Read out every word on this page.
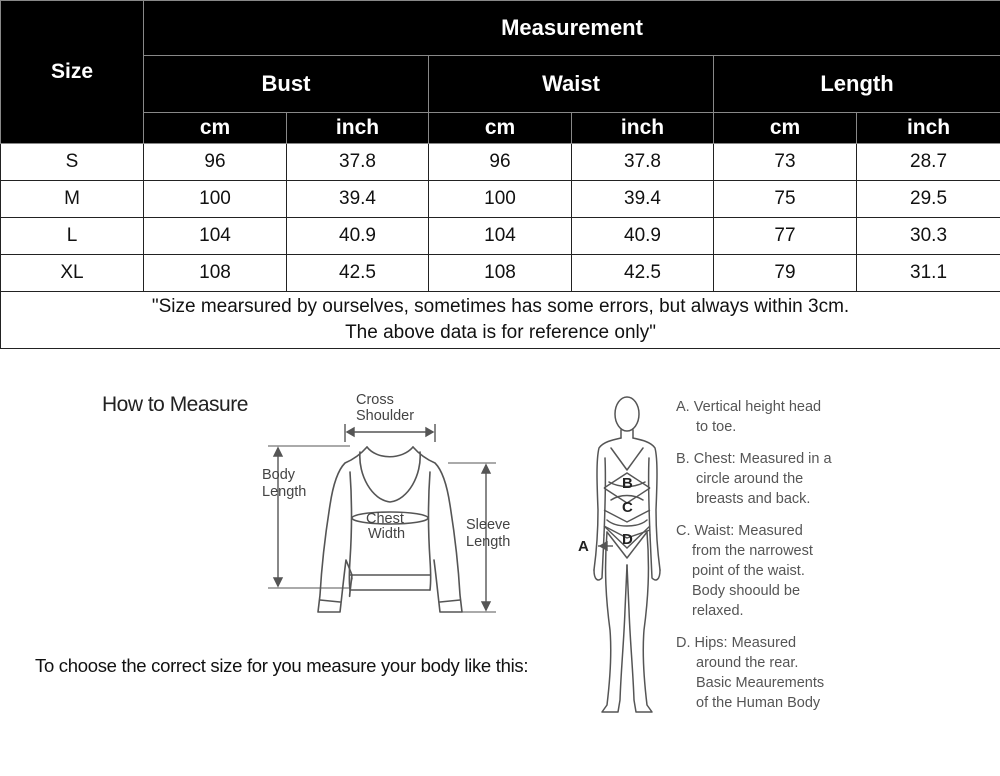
Size	Measurement					
	Bust		Waist		Length	
	cm	inch	cm	inch	cm	inch
S	96	37.8	96	37.8	73	28.7
M	100	39.4	100	39.4	75	29.5
L	104	40.9	104	40.9	77	30.3
XL	108	42.5	108	42.5	79	31.1

"Size mearsured by ourselves, sometimes has some errors, but always within 3cm.
The above data is for reference only"						
How to Measure	Cross
Shoulder
Body
Length
Chest
Width
Sleeve
Length	A
B
C
D
To choose the correct size for you measure your body like this:
A. Vertical height head
to toe.
B. Chest: Measured in a
circle around the
breasts and back.
C. Waist: Measured
from the narrowest
point of the waist.
Body shoould be
relaxed.
D. Hips: Measured
around the rear.
Basic Meaurements
of the Human Body
